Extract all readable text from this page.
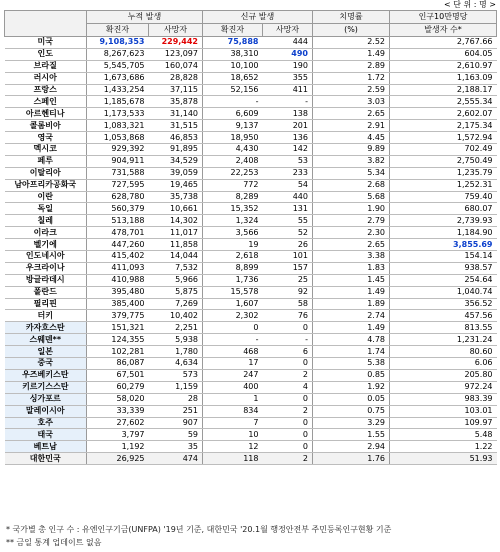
< 단 위 : 명 >
	누적 발생		신규 발생		치명률	인구10만명당
	확진자	사망자	확진자	사망자	(%)	발생자 수*
미국	9,108,353	229,442	75,888	444	2.52	2,767.66
인도	8,267,623	123,097	38,310	490	1.49	604.05
브라질	5,545,705	160,074	10,100	190	2.89	2,610.97
러시아	1,673,686	28,828	18,652	355	1.72	1,163.09
프랑스	1,433,254	37,115	52,156	411	2.59	2,188.17
스페인	1,185,678	35,878	-	-	3.03	2,555.34
아르헨티나	1,173,533	31,140	6,609	138	2.65	2,602.07
콜롬비아	1,083,321	31,515	9,137	201	2.91	2,175.34
영국	1,053,868	46,853	18,950	136	4.45	1,572.94
멕시코	929,392	91,895	4,430	142	9.89	702.49
페루	904,911	34,529	2,408	53	3.82	2,750.49
이탈리아	731,588	39,059	22,253	233	5.34	1,235.79
남아프리카공화국	727,595	19,465	772	54	2.68	1,252.31
이란	628,780	35,738	8,289	440	5.68	759.40
독일	560,379	10,661	15,352	131	1.90	680.07
칠레	513,188	14,302	1,324	55	2.79	2,739.93
이라크	478,701	11,017	3,566	52	2.30	1,184.90
벨기에	447,260	11,858	19	26	2.65	3,855.69
인도네시아	415,402	14,044	2,618	101	3.38	154.14
우크라이나	411,093	7,532	8,899	157	1.83	938.57
방글라데시	410,988	5,966	1,736	25	1.45	254.64
폴란드	395,480	5,875	15,578	92	1.49	1,040.74
필리핀	385,400	7,269	1,607	58	1.89	356.52
터키	379,775	10,402	2,302	76	2.74	457.56
카자흐스탄	151,321	2,251	0	0	1.49	813.55
스웨덴**	124,355	5,938	-	-	4.78	1,231.24
일본	102,281	1,780	468	6	1.74	80.60
중국	86,087	4,634	17	0	5.38	6.06
우즈베키스탄	67,501	573	247	2	0.85	205.80
키르기스스탄	60,279	1,159	400	4	1.92	972.24
싱가포르	58,020	28	1	0	0.05	983.39
말레이시아	33,339	251	834	2	0.75	103.01
호주	27,602	907	7	0	3.29	109.97
태국	3,797	59	10	0	1.55	5.48
베트남	1,192	35	12	0	2.94	1.22
대한민국	26,925	474	118	2	1.76	51.93
* 국가별 총 인구 수 : 유엔인구기금(UNFPA) '19년 기준, 대한민국 '20.1월 행정안전부 주민등록인구현황 기준
** 금일 통계 업데이트 없음
